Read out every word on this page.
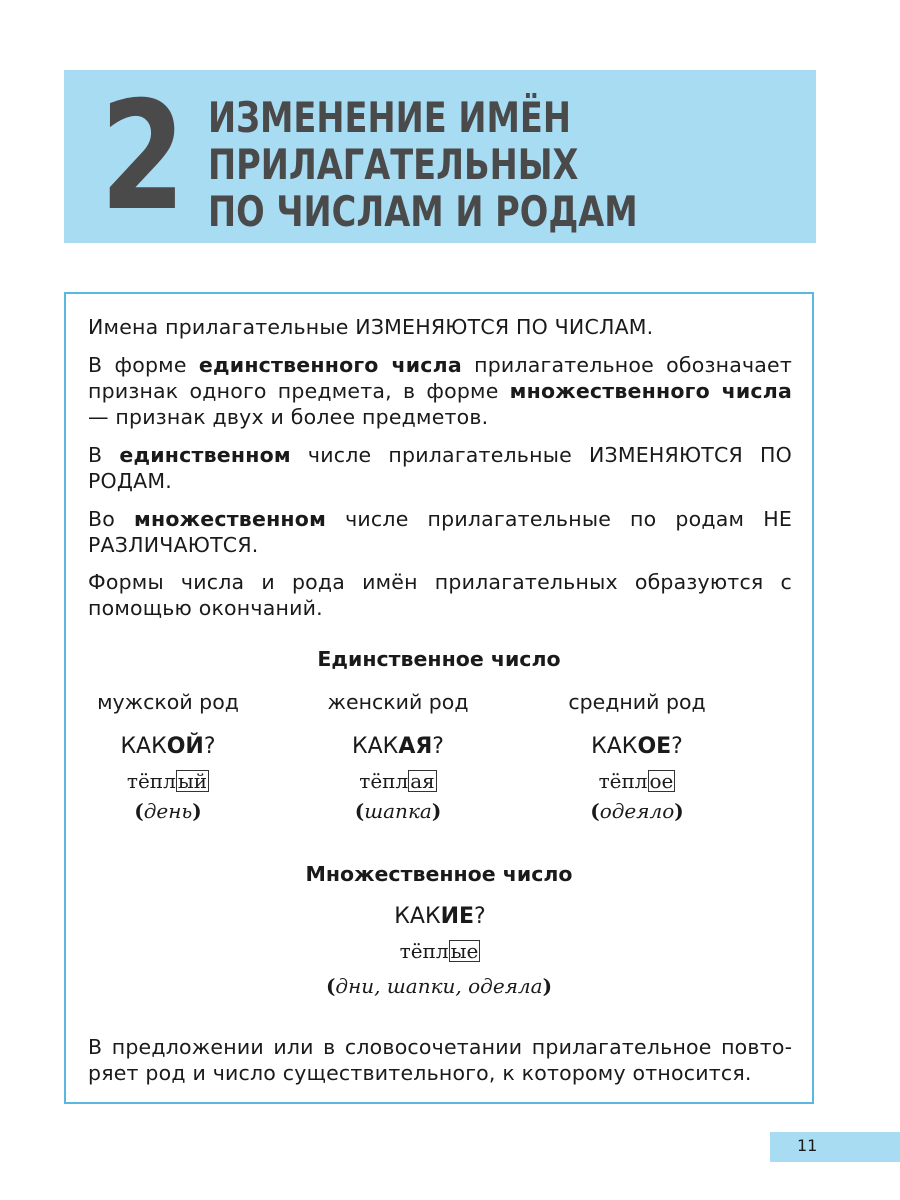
2 ИЗМЕНЕНИЕ ИМЁН
ПРИЛАГАТЕЛЬНЫХ
ПО ЧИСЛАМ И РОДАМ
Имена прилагательные ИЗМЕНЯЮТСЯ ПО ЧИСЛАМ.
В форме единственного числа прилагательное обозначает признак одного предмета, в форме множественного числа — признак двух и более предметов.
В единственном числе прилагательные ИЗМЕНЯЮТСЯ ПО РОДАМ.
Во множественном числе прилагательные по родам НЕ РАЗЛИЧАЮТСЯ.
Формы числа и рода имён прилагательных образуются с помощью окончаний.
Единственное число
мужской род
КАКОЙ?
тёпл ый
(день)
женский род
КАКАЯ?
тёпл ая
(шапка)
средний род
КАКОЕ?
тёпл ое
(одеяло)
Множественное число
КАКИЕ?
тёпл ые
(дни, шапки, одеяла)
В предложении или в словосочетании прилагательное повторяет род и число существительного, к которому относится.
11
